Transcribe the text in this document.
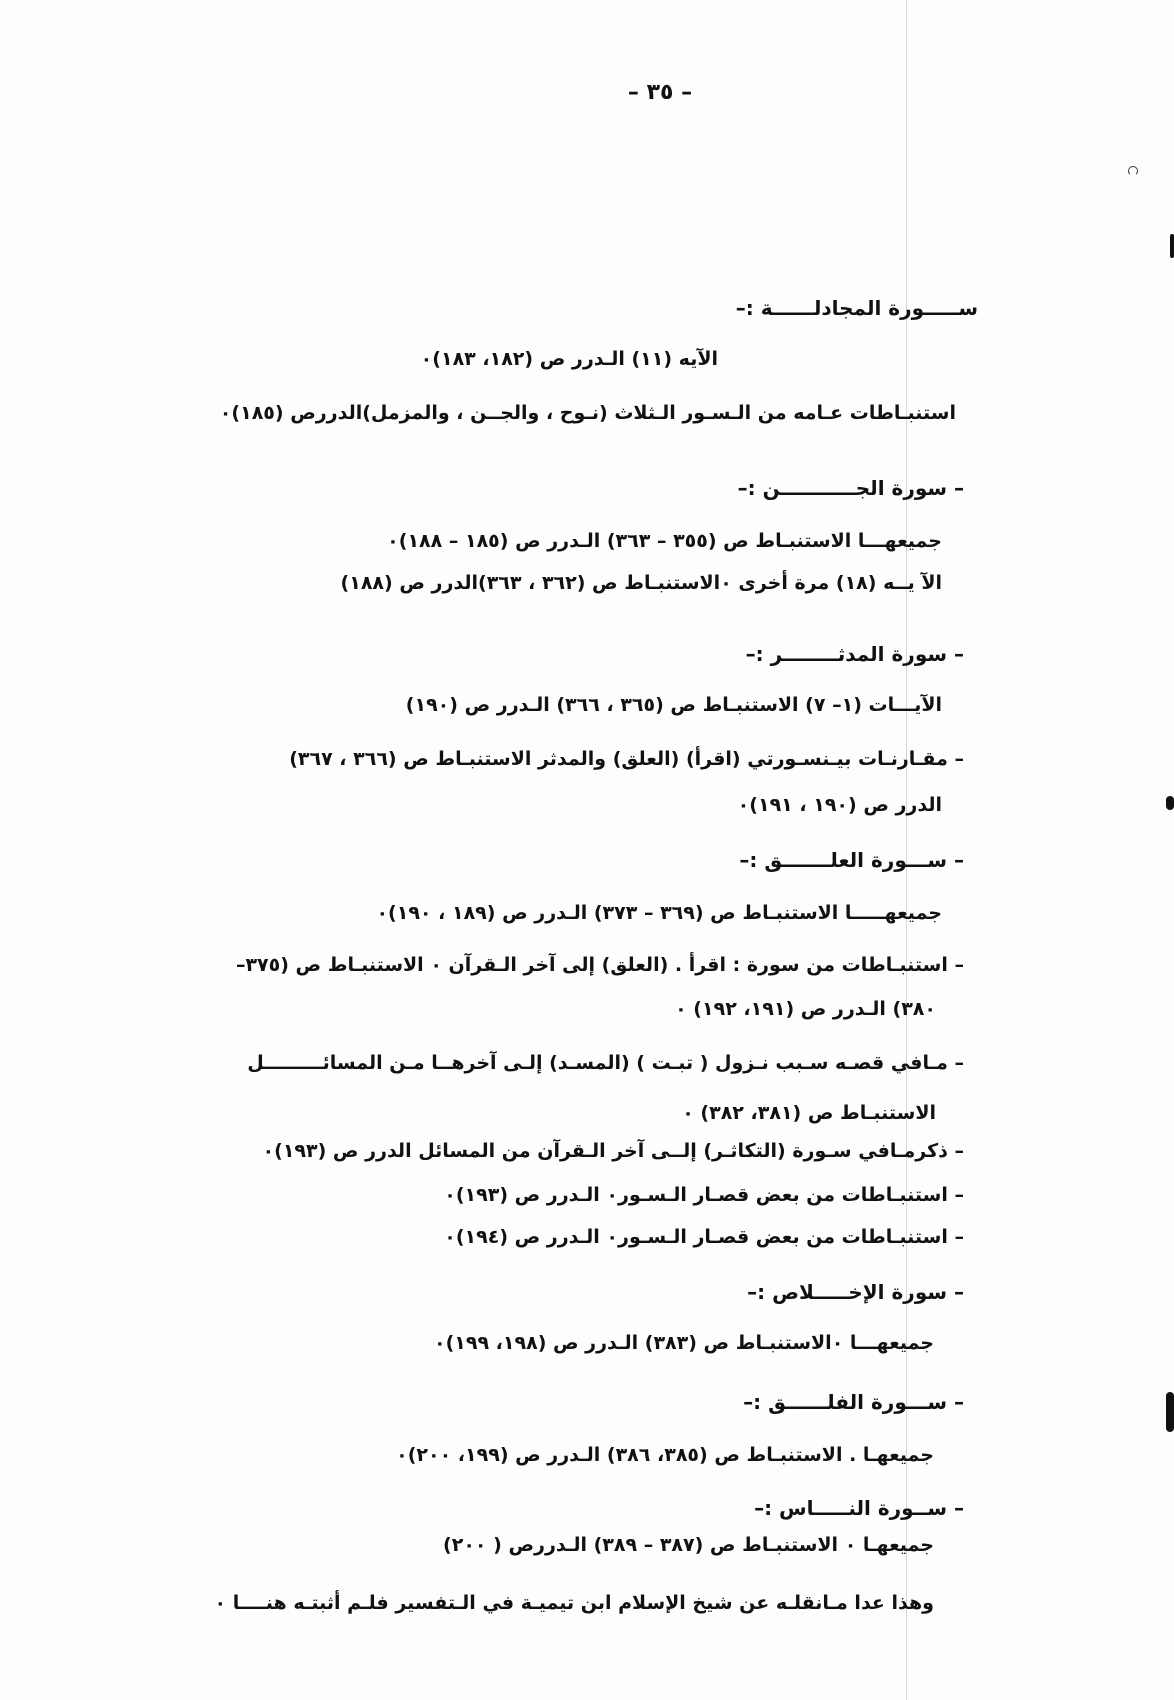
– ٣٥ –
ســـــورة المجادلــــــة :–
الآيه (١١) الـدرر ص (١٨٢، ١٨٣)٠
استنبـاطات عـامه من الـسـور الـثلاث (نـوح ، والجــن ، والمزمل)الدررص (١٨٥)٠
– سورة الجـــــــــــن :–
جميعهـــا الاستنبـاط ص (٣٥٥ – ٣٦٣) الـدرر ص (١٨٥ – ١٨٨)٠
الآ يــه (١٨) مرة أخرى ٠الاستنبـاط ص (٣٦٢ ، ٣٦٣)الدرر ص (١٨٨)
– سورة المدثــــــــر :–
الآيـــات (١– ٧) الاستنبـاط ص (٣٦٥ ، ٣٦٦) الـدرر ص (١٩٠)
– مقـارنـات بيـنسـورتي (اقرأ) (العلق) والمدثر الاستنبـاط ص (٣٦٦ ، ٣٦٧)
الدرر ص (١٩٠ ، ١٩١)٠
– ســـورة العلـــــــق :–
جميعهـــــا الاستنبـاط ص (٣٦٩ – ٣٧٣) الـدرر ص (١٨٩ ، ١٩٠)٠
– استنبـاطات من سورة : اقرأ . (العلق) إلى آخر الـقرآن ٠ الاستنبـاط ص (٣٧٥–
٣٨٠) الـدرر ص (١٩١، ١٩٢) ٠
– مـافي قصـه سـبب نـزول ( تبـت ) (المسـد) إلـى آخرهــا مـن المسائـــــــــل
الاستنبـاط ص (٣٨١، ٣٨٢) ٠
– ذكرمـافي سـورة (التكاثـر) إلــى آخر الـقرآن من المسائل الدرر ص (١٩٣)٠
– استنبـاطات من بعض قصـار الـسـور٠ الـدرر ص (١٩٣)٠
– استنبـاطات من بعض قصـار الـسـور٠ الـدرر ص (١٩٤)٠
– سورة الإخـــــلاص :–
جميعهـــا ٠الاستنبـاط ص (٣٨٣) الـدرر ص (١٩٨، ١٩٩)٠
– ســـورة الفلــــــق :–
جميعهـا . الاستنبـاط ص (٣٨٥، ٣٨٦) الـدرر ص (١٩٩، ٢٠٠)٠
– ســورة النـــــاس :–
جميعهـا ٠ الاستنبـاط ص (٣٨٧ – ٣٨٩) الـدررص ( ٢٠٠)
وهذا عدا مـانقلـه عن شيخ الإسلام ابن تيميـة في الـتفسير فلـم أثبتـه هنــــا ٠
